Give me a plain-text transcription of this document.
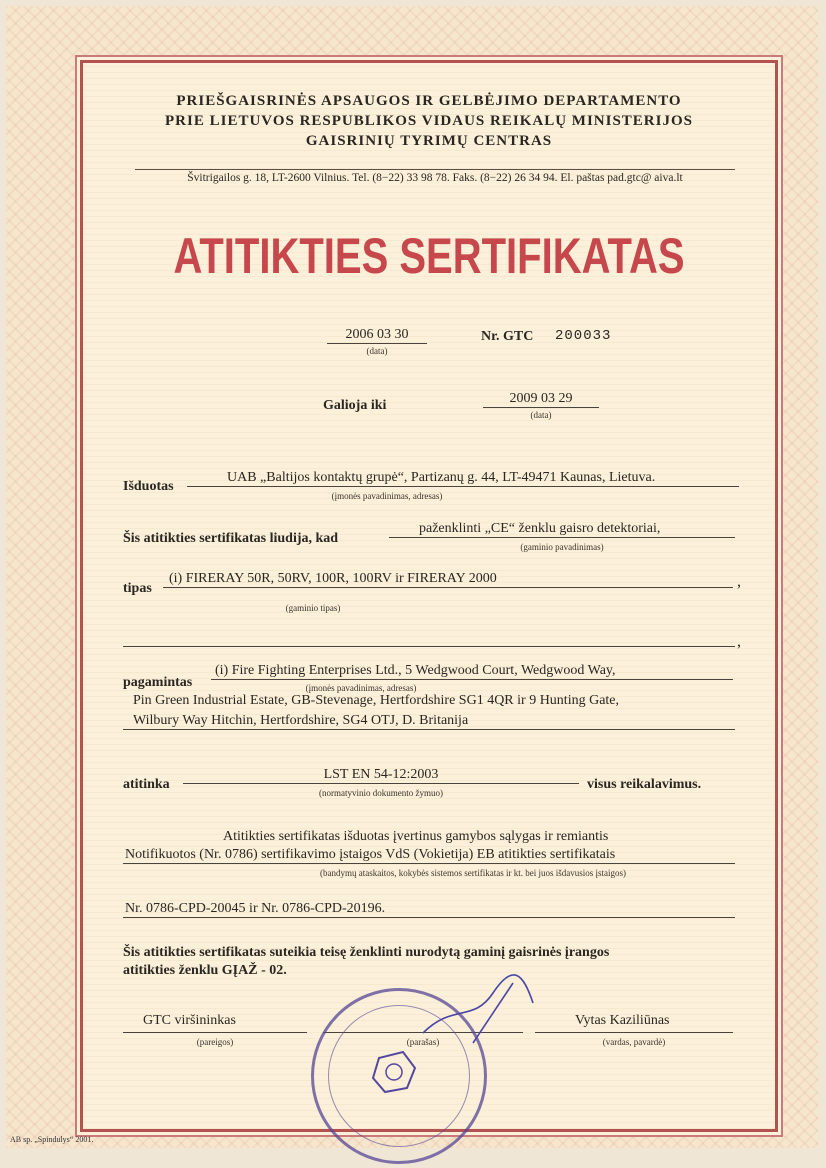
PRIEŠGAISRINĖS APSAUGOS IR GELBĖJIMO DEPARTAMENTO
PRIE LIETUVOS RESPUBLIKOS VIDAUS REIKALŲ MINISTERIJOS
GAISRINIŲ TYRIMŲ CENTRAS
Švitrigailos g. 18, LT-2600 Vilnius. Tel. (8−22) 33 98 78. Faks. (8−22) 26 34 94. El. paštas pad.gtc@ aiva.lt
ATITIKTIES SERTIFIKATAS
2006 03 30
(data)
Nr. GTC 200033
Galioja iki	2009 03 29
(data)
Išduotas
UAB „Baltijos kontaktų grupė“, Partizanų g. 44, LT-49471 Kaunas, Lietuva.
(įmonės pavadinimas, adresas)
Šis atitikties sertifikatas liudija, kad
paženklinti „CE“ ženklu gaisro detektoriai,
(gaminio pavadinimas)
tipas
(i) FIRERAY 50R, 50RV, 100R, 100RV ir FIRERAY 2000	,
(gaminio tipas)
,
pagamintas
(i) Fire Fighting Enterprises Ltd., 5 Wedgwood Court, Wedgwood Way,
(įmonės pavadinimas, adresas)
Pin Green Industrial Estate, GB-Stevenage, Hertfordshire SG1 4QR ir 9 Hunting Gate,
Wilbury Way Hitchin, Hertfordshire, SG4 OTJ, D. Britanija
atitinka
LST EN 54-12:2003
(normatyvinio dokumento žymuo)
visus reikalavimus.
Atitikties sertifikatas išduotas įvertinus gamybos sąlygas ir remiantis
Notifikuotos (Nr. 0786) sertifikavimo įstaigos VdS (Vokietija) EB atitikties sertifikatais
(bandymų ataskaitos, kokybės sistemos sertifikatas ir kt. bei juos išdavusios įstaigos)
Nr. 0786-CPD-20045 ir Nr. 0786-CPD-20196.
Šis atitikties sertifikatas suteikia teisę ženklinti nurodytą gaminį gaisrinės įrangos
atitikties ženklu GĮAŽ - 02.
GTC viršininkas
(pareigos)	(parašas)
Vytas Kaziliūnas
(vardas, pavardė)
AB sp. „Spindulys“ 2001.
